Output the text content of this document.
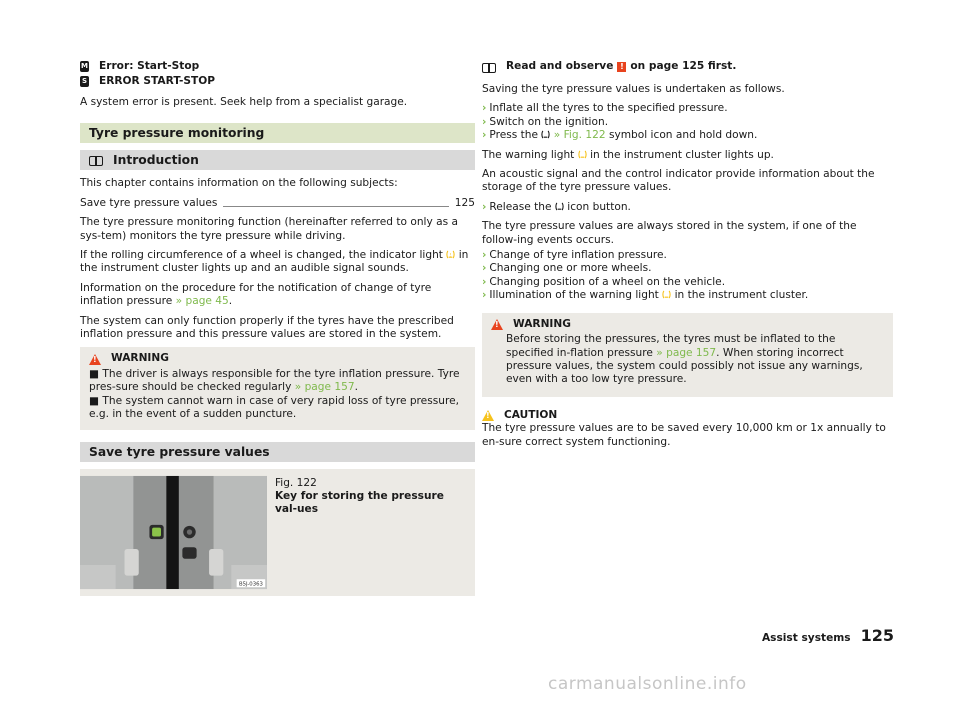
M Error: Start-Stop
S ERROR START-STOP

A system error is present. Seek help from a specialist garage.

Tyre pressure monitoring
Introduction

This chapter contains information on the following subjects:

Save tyre pressure values	125

The tyre pressure monitoring function (hereinafter referred to only as a sys-tem) monitors the tyre pressure while driving.

If the rolling circumference of a wheel is changed, the indicator light ! in the instrument cluster lights up and an audible signal sounds.

Information on the procedure for the notification of change of tyre inflation pressure » page 45.

The system can only function properly if the tyres have the prescribed inflation pressure and this pressure values are stored in the system.

! WARNING
■ The driver is always responsible for the tyre inflation pressure. Tyre pres-sure should be checked regularly » page 157.
■ The system cannot warn in case of very rapid loss of tyre pressure, e.g. in the event of a sudden puncture.
Save tyre pressure values
B5J-0363
Fig. 122
Key for storing the pressure val-ues
Read and observe ! on page 125 first.

Saving the tyre pressure values is undertaken as follows.

› Inflate all the tyres to the specified pressure.
› Switch on the ignition.
› Press the » Fig. 122 symbol icon and hold down.

The warning light in the instrument cluster lights up.

An acoustic signal and the control indicator provide information about the storage of the tyre pressure values.

› Release the icon button.

The tyre pressure values are always stored in the system, if one of the follow-ing events occurs.

› Change of tyre inflation pressure.
› Changing one or more wheels.
› Changing position of a wheel on the vehicle.
› Illumination of the warning light in the instrument cluster.
! WARNING
Before storing the pressures, the tyres must be inflated to the specified in-flation pressure » page 157. When storing incorrect pressure values, the system could possibly not issue any warnings, even with a too low tyre pressure.
! CAUTION

The tyre pressure values are to be saved every 10,000 km or 1x annually to en-sure correct system functioning.

Assist systems 125
carmanualsonline.info
